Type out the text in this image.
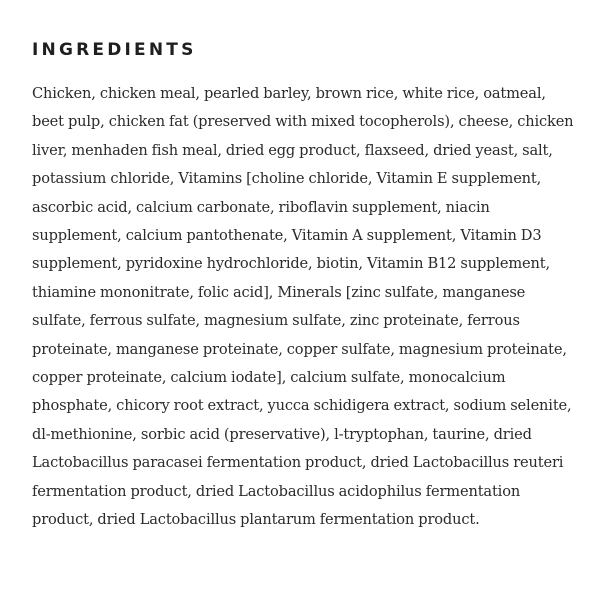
INGREDIENTS

Chicken, chicken meal, pearled barley, brown rice, white rice, oatmeal, beet pulp, chicken fat (preserved with mixed tocopherols), cheese, chicken liver, menhaden fish meal, dried egg product, flaxseed, dried yeast, salt, potassium chloride, Vitamins [choline chloride, Vitamin E supplement, ascorbic acid, calcium carbonate, riboflavin supplement, niacin supplement, calcium pantothenate, Vitamin A supplement, Vitamin D3 supplement, pyridoxine hydrochloride, biotin, Vitamin B12 supplement, thiamine mononitrate, folic acid], Minerals [zinc sulfate, manganese sulfate, ferrous sulfate, magnesium sulfate, zinc proteinate, ferrous proteinate, manganese proteinate, copper sulfate, magnesium proteinate, copper proteinate, calcium iodate], calcium sulfate, monocalcium phosphate, chicory root extract, yucca schidigera extract, sodium selenite, dl-methionine, sorbic acid (preservative), l-tryptophan, taurine, dried Lactobacillus paracasei fermentation product, dried Lactobacillus reuteri fermentation product, dried Lactobacillus acidophilus fermentation product, dried Lactobacillus plantarum fermentation product.
